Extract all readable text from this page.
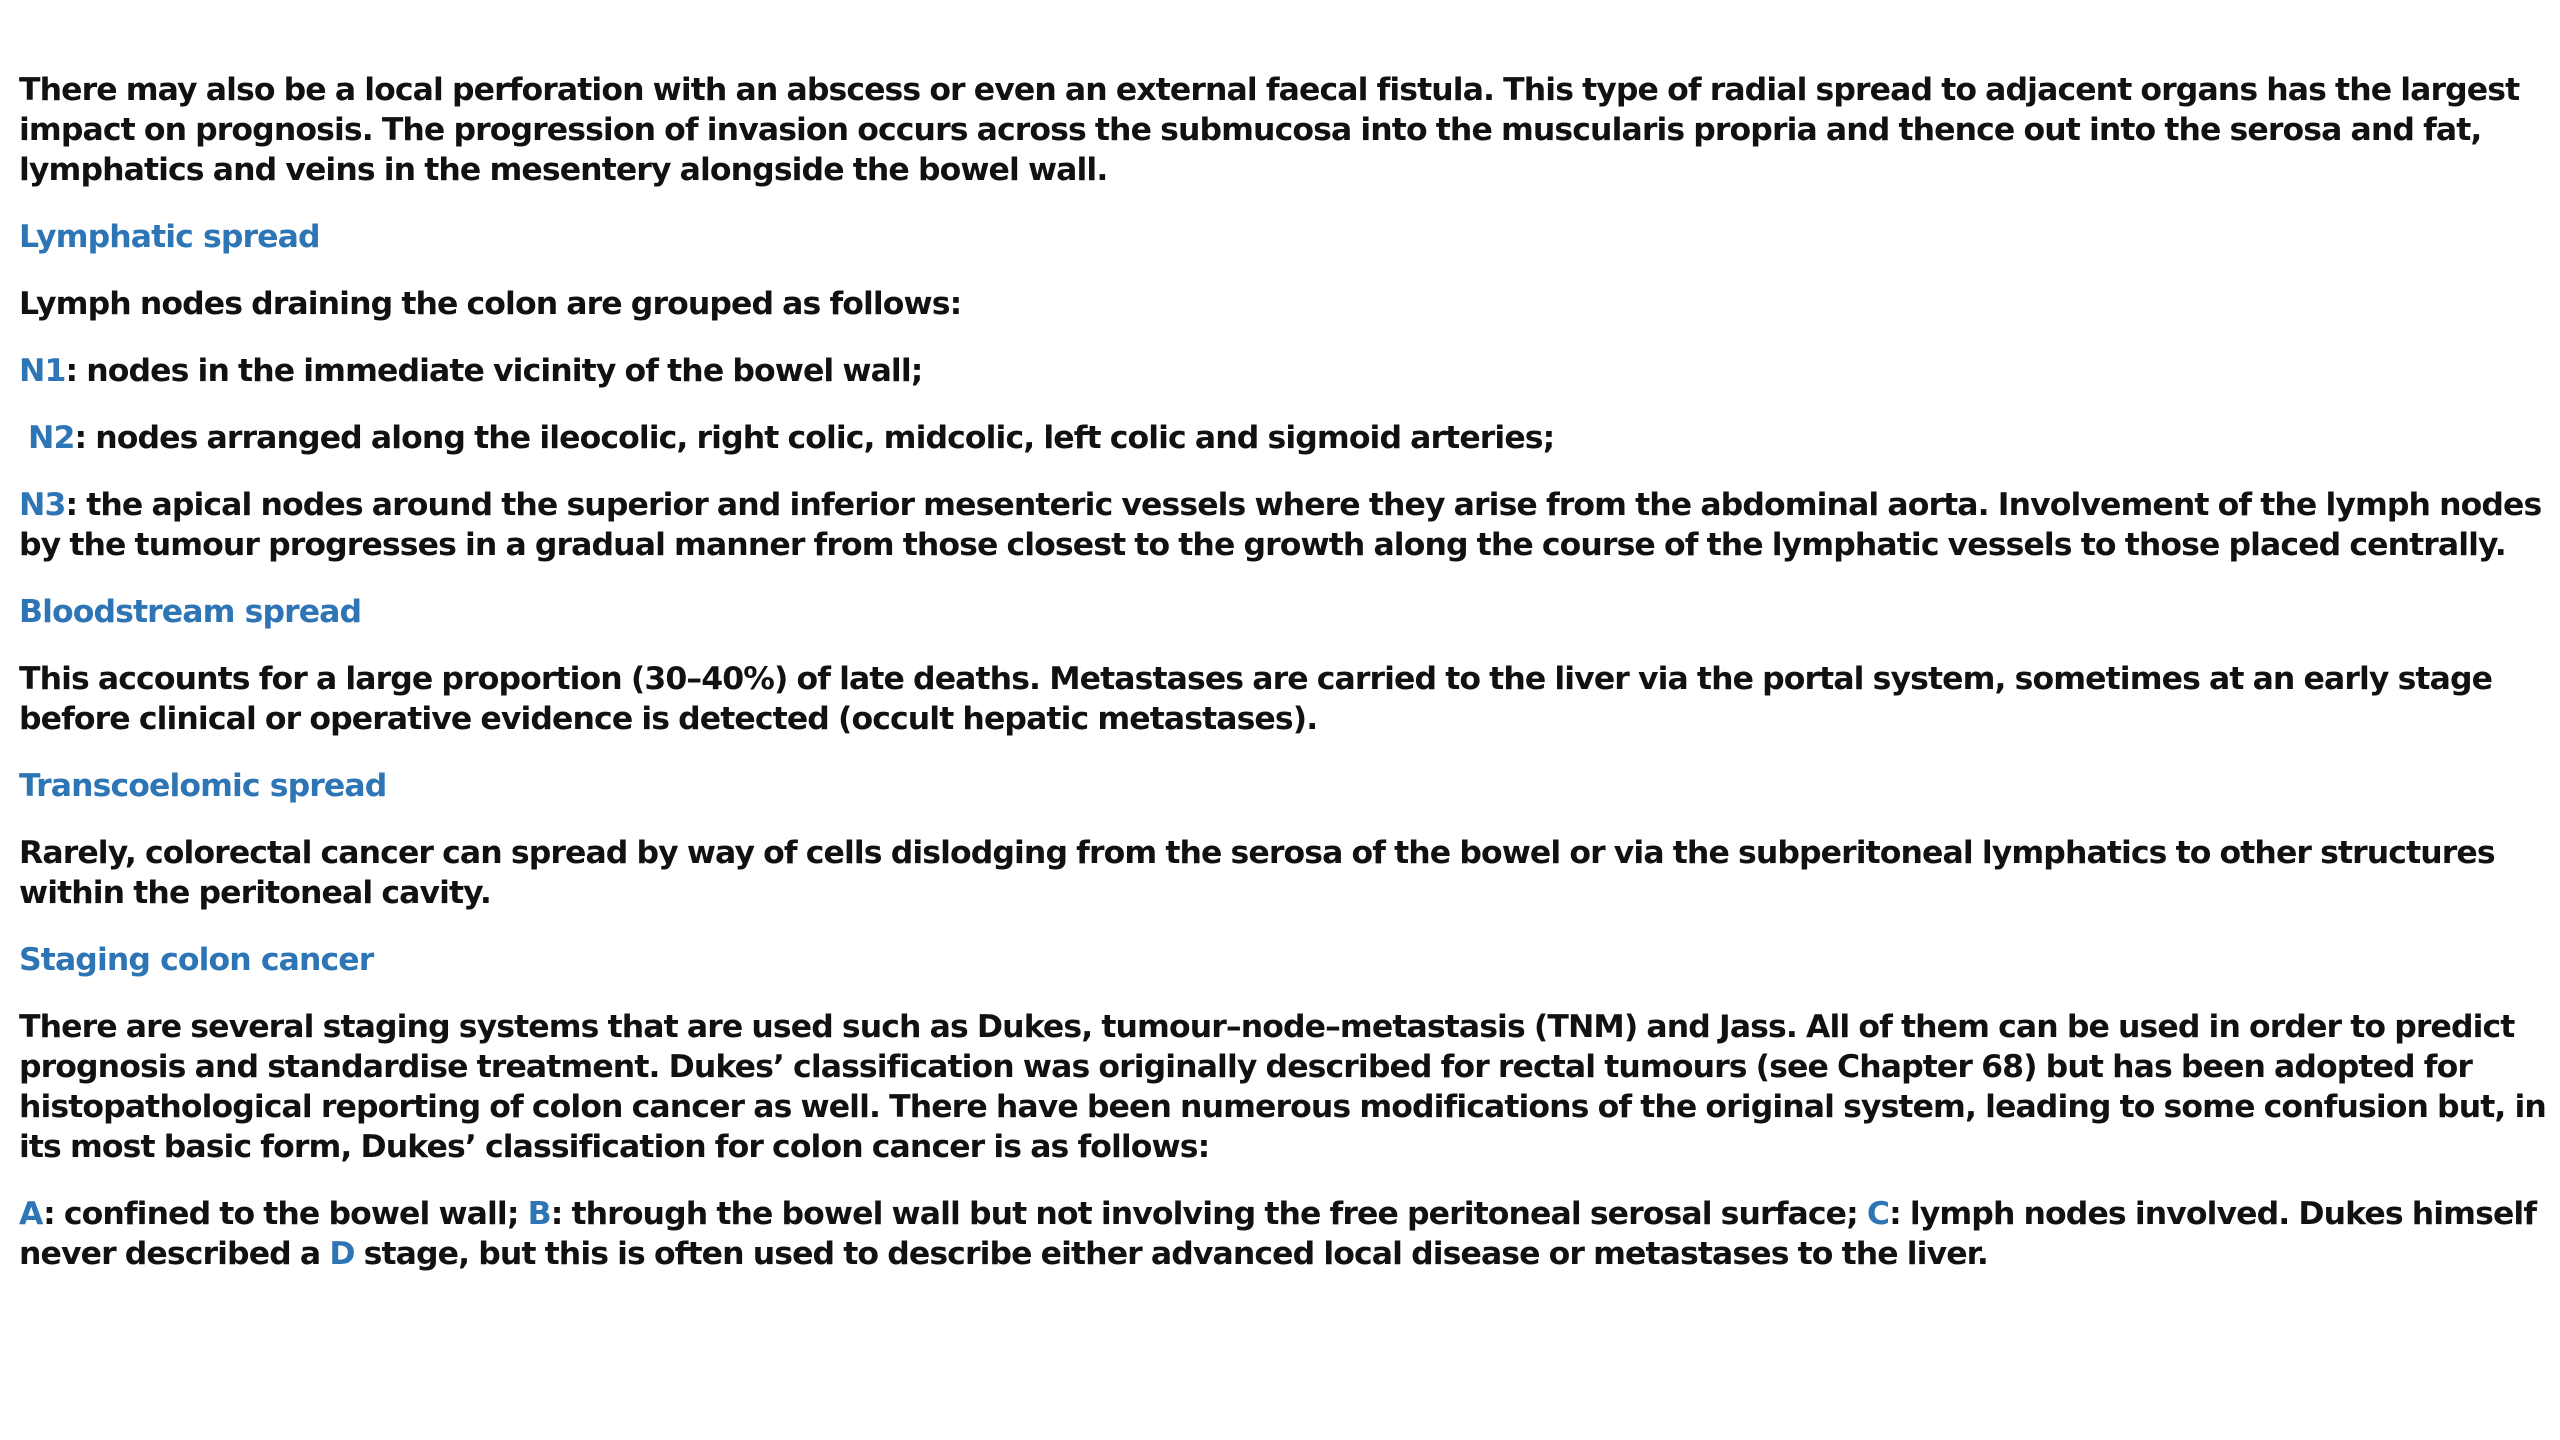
There may also be a local perforation with an abscess or even an external faecal fistula. This type of radial spread to adjacent organs has the largest impact on prognosis. The progression of invasion occurs across the submucosa into the muscularis propria and thence out into the serosa and fat, lymphatics and veins in the mesentery alongside the bowel wall.

Lymphatic spread

Lymph nodes draining the colon are grouped as follows:

N1: nodes in the immediate vicinity of the bowel wall;

N2: nodes arranged along the ileocolic, right colic, midcolic, left colic and sigmoid arteries;

N3: the apical nodes around the superior and inferior mesenteric vessels where they arise from the abdominal aorta. Involvement of the lymph nodes by the tumour progresses in a gradual manner from those closest to the growth along the course of the lymphatic vessels to those placed centrally.

Bloodstream spread

This accounts for a large proportion (30–40%) of late deaths. Metastases are carried to the liver via the portal system, sometimes at an early stage before clinical or operative evidence is detected (occult hepatic metastases).

Transcoelomic spread

Rarely, colorectal cancer can spread by way of cells dislodging from the serosa of the bowel or via the subperitoneal lymphatics to other structures within the peritoneal cavity.

Staging colon cancer

There are several staging systems that are used such as Dukes, tumour–node–metastasis (TNM) and Jass. All of them can be used in order to predict prognosis and standardise treatment. Dukes’ classification was originally described for rectal tumours (see Chapter 68) but has been adopted for histopathological reporting of colon cancer as well. There have been numerous modifications of the original system, leading to some confusion but, in its most basic form, Dukes’ classification for colon cancer is as follows:

A: confined to the bowel wall; B: through the bowel wall but not involving the free peritoneal serosal surface; C: lymph nodes involved. Dukes himself never described a D stage, but this is often used to describe either advanced local disease or metastases to the liver.
